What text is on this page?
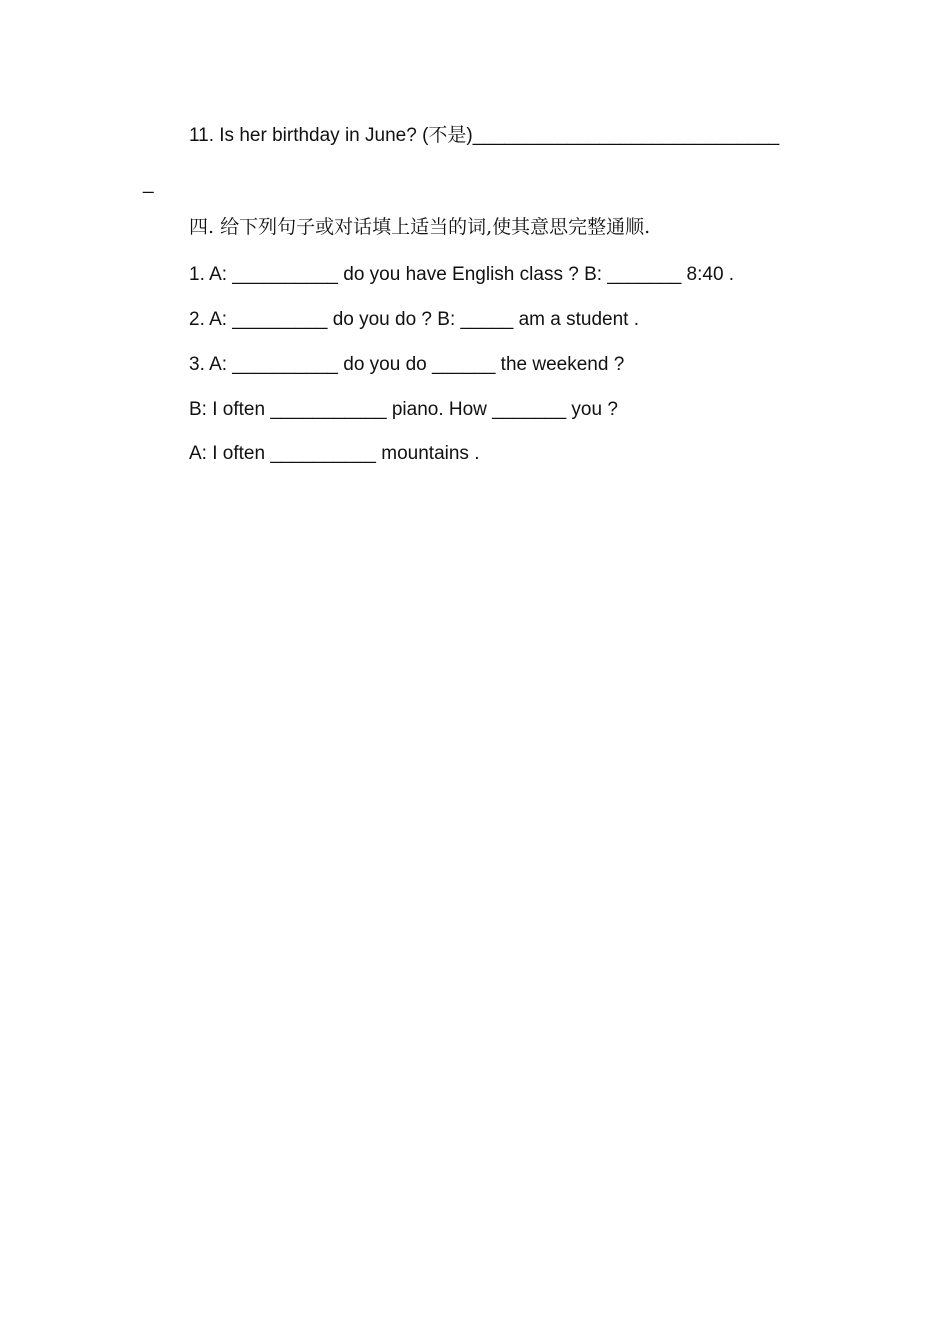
11. Is her birthday in June? (不是)_____________________________
_
四. 给下列句子或对话填上适当的词,使其意思完整通顺.
1. A: __________ do you have English class ? B: _______ 8:40 .
2. A: _________ do you do ? B: _____ am a student .
3. A: __________ do you do ______ the weekend ?
B: I often ___________ piano. How _______ you ?
A: I often __________ mountains .
